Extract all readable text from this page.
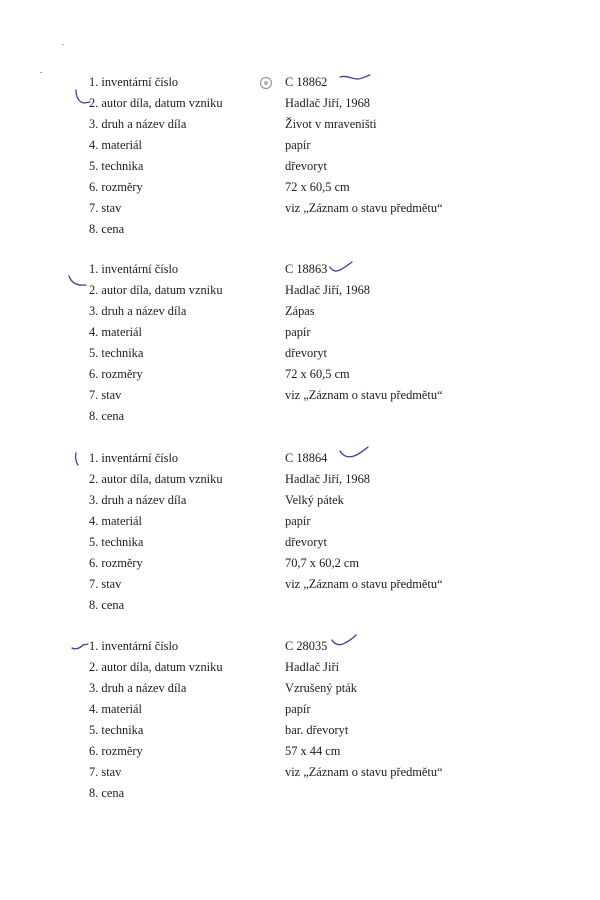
1. inventární číslo	C 18862
2. autor díla, datum vzniku	Hadlač Jiří, 1968
3. druh a název díla	Život v mraveništi
4. materiál	papír
5. technika	dřevoryt
6. rozměry	72 x 60,5 cm
7. stav	viz „Záznam o stavu předmětu“
8. cena
1. inventární číslo	C 18863
2. autor díla, datum vzniku	Hadlač Jiří, 1968
3. druh a název díla	Zápas
4. materiál	papír
5. technika	dřevoryt
6. rozměry	72 x 60,5 cm
7. stav	viz „Záznam o stavu předmětu“
8. cena
1. inventární číslo	C 18864
2. autor díla, datum vzniku	Hadlač Jiří, 1968
3. druh a název díla	Velký pátek
4. materiál	papír
5. technika	dřevoryt
6. rozměry	70,7 x 60,2 cm
7. stav	viz „Záznam o stavu předmětu“
8. cena
1. inventární číslo	C 28035
2. autor díla, datum vzniku	Hadlač Jiří
3. druh a název díla	Vzrušený pták
4. materiál	papír
5. technika	bar. dřevoryt
6. rozměry	57 x 44 cm
7. stav	viz „Záznam o stavu předmětu“
8. cena
